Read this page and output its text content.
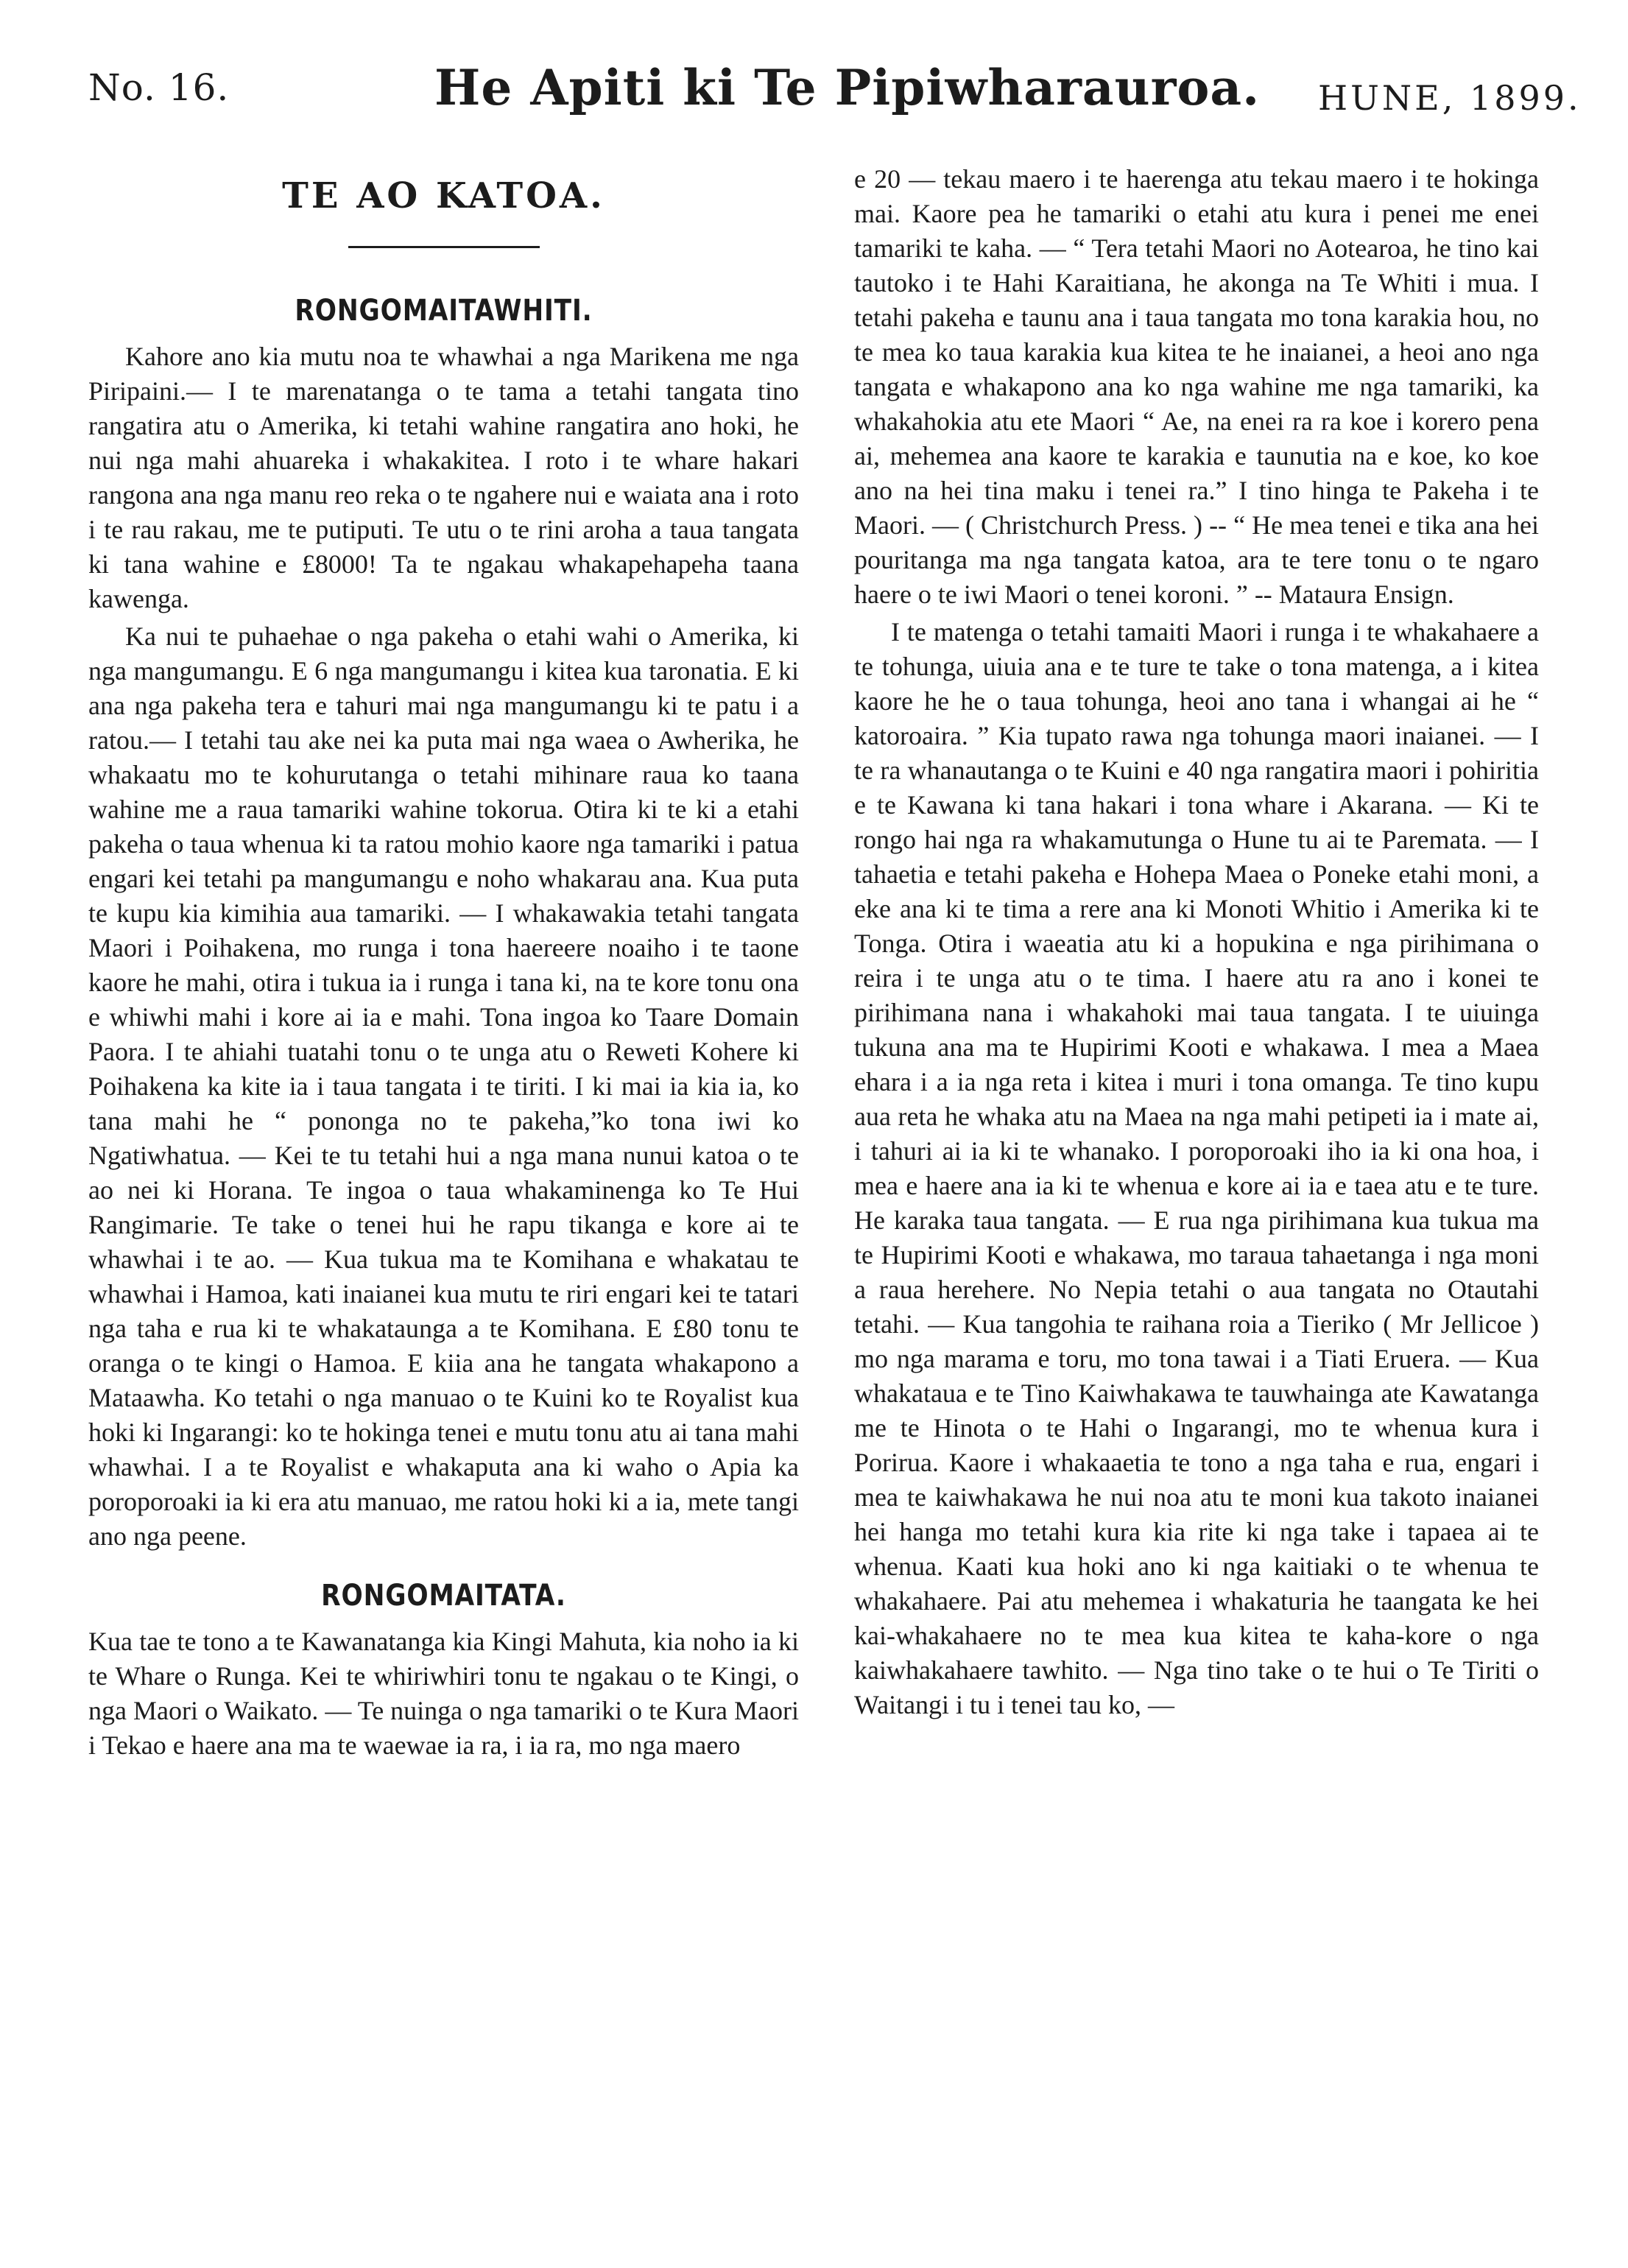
No. 16.	He Apiti ki Te Pipiwharauroa. HUNE, 1899.
TE AO KATOA.
RONGOMAITAWHITI.

Kahore ano kia mutu noa te whawhai a nga Marikena me nga Piripaini.— I te marenatanga o te tama a tetahi tangata tino rangatira atu o Amerika, ki tetahi wahine rangatira ano hoki, he nui nga mahi ahuareka i whakakitea. I roto i te whare hakari rangona ana nga manu reo reka o te ngahere nui e waiata ana i roto i te rau rakau, me te putiputi. Te utu o te rini aroha a taua tangata ki tana wahine e £8000! Ta te ngakau whakapehapeha taana kawenga.

Ka nui te puhaehae o nga pakeha o etahi wahi o Amerika, ki nga mangumangu. E 6 nga mangumangu i kitea kua taronatia. E ki ana nga pakeha tera e tahuri mai nga mangumangu ki te patu i a ratou.— I tetahi tau ake nei ka puta mai nga waea o Awherika, he whakaatu mo te kohurutanga o tetahi mihinare raua ko taana wahine me a raua tamariki wahine tokorua. Otira ki te ki a etahi pakeha o taua whenua ki ta ratou mohio kaore nga tamariki i patua engari kei tetahi pa mangumangu e noho whakarau ana. Kua puta te kupu kia kimihia aua tamariki. — I whakawakia tetahi tangata Maori i Poihakena, mo runga i tona haereere noaiho i te taone kaore he mahi, otira i tukua ia i runga i tana ki, na te kore tonu ona e whiwhi mahi i kore ai ia e mahi. Tona ingoa ko Taare Domain Paora. I te ahiahi tuatahi tonu o te unga atu o Reweti Kohere ki Poihakena ka kite ia i taua tangata i te tiriti. I ki mai ia kia ia, ko tana mahi he “ pononga no te pakeha,”ko tona iwi ko Ngatiwhatua. — Kei te tu tetahi hui a nga mana nunui katoa o te ao nei ki Horana. Te ingoa o taua whakaminenga ko Te Hui Rangimarie. Te take o tenei hui he rapu tikanga e kore ai te whawhai i te ao. — Kua tukua ma te Komihana e whakatau te whawhai i Hamoa, kati inaianei kua mutu te riri engari kei te tatari nga taha e rua ki te whakataunga a te Komihana. E £80 tonu te oranga o te kingi o Hamoa. E kiia ana he tangata whakapono a Mataawha. Ko tetahi o nga manuao o te Kuini ko te Royalist kua hoki ki Ingarangi: ko te hokinga tenei e mutu tonu atu ai tana mahi whawhai. I a te Royalist e whakaputa ana ki waho o Apia ka poroporoaki ia ki era atu manuao, me ratou hoki ki a ia, mete tangi ano nga peene.

RONGOMAITATA.

Kua tae te tono a te Kawanatanga kia Kingi Mahuta, kia noho ia ki te Whare o Runga. Kei te whiriwhiri tonu te ngakau o te Kingi, o nga Maori o Waikato. — Te nuinga o nga tamariki o te Kura Maori i Tekao e haere ana ma te waewae ia ra, i ia ra, mo nga maero

e 20 — tekau maero i te haerenga atu tekau maero i te hokinga mai. Kaore pea he tamariki o etahi atu kura i penei me enei tamariki te kaha. — “ Tera tetahi Maori no Aotearoa, he tino kai tautoko i te Hahi Karaitiana, he akonga na Te Whiti i mua. I tetahi pakeha e taunu ana i taua tangata mo tona karakia hou, no te mea ko taua karakia kua kitea te he inaianei, a heoi ano nga tangata e whakapono ana ko nga wahine me nga tamariki, ka whakahokia atu ete Maori “ Ae, na enei ra ra koe i korero pena ai, mehemea ana kaore te karakia e taunutia na e koe, ko koe ano na hei tina maku i tenei ra.” I tino hinga te Pakeha i te Maori. — ( Christchurch Press. ) -- “ He mea tenei e tika ana hei pouritanga ma nga tangata katoa, ara te tere tonu o te ngaro haere o te iwi Maori o tenei koroni. ” -- Mataura Ensign.

I te matenga o tetahi tamaiti Maori i runga i te whakahaere a te tohunga, uiuia ana e te ture te take o tona matenga, a i kitea kaore he he o taua tohunga, heoi ano tana i whangai ai he “ katoroaira. ” Kia tupato rawa nga tohunga maori inaianei. — I te ra whanautanga o te Kuini e 40 nga rangatira maori i pohiritia e te Kawana ki tana hakari i tona whare i Akarana. — Ki te rongo hai nga ra whakamutunga o Hune tu ai te Paremata. — I tahaetia e tetahi pakeha e Hohepa Maea o Poneke etahi moni, a eke ana ki te tima a rere ana ki Monoti Whitio i Amerika ki te Tonga. Otira i waeatia atu ki a hopukina e nga pirihimana o reira i te unga atu o te tima. I haere atu ra ano i konei te pirihimana nana i whakahoki mai taua tangata. I te uiuinga tukuna ana ma te Hupirimi Kooti e whakawa. I mea a Maea ehara i a ia nga reta i kitea i muri i tona omanga. Te tino kupu aua reta he whaka atu na Maea na nga mahi petipeti ia i mate ai, i tahuri ai ia ki te whanako. I poroporoaki iho ia ki ona hoa, i mea e haere ana ia ki te whenua e kore ai ia e taea atu e te ture. He karaka taua tangata. — E rua nga pirihimana kua tukua ma te Hupirimi Kooti e whakawa, mo taraua tahaetanga i nga moni a raua herehere. No Nepia tetahi o aua tangata no Otautahi tetahi. — Kua tangohia te raihana roia a Tieriko ( Mr Jellicoe ) mo nga marama e toru, mo tona tawai i a Tiati Eruera. — Kua whakataua e te Tino Kaiwhakawa te tauwhainga ate Kawatanga me te Hinota o te Hahi o Ingarangi, mo te whenua kura i Porirua. Kaore i whakaaetia te tono a nga taha e rua, engari i mea te kaiwhakawa he nui noa atu te moni kua takoto inaianei hei hanga mo tetahi kura kia rite ki nga take i tapaea ai te whenua. Kaati kua hoki ano ki nga kaitiaki o te whenua te whakahaere. Pai atu mehemea i whakaturia he taangata ke hei kai-whakahaere no te mea kua kitea te kaha-kore o nga kaiwhakahaere tawhito. — Nga tino take o te hui o Te Tiriti o Waitangi i tu i tenei tau ko, —
